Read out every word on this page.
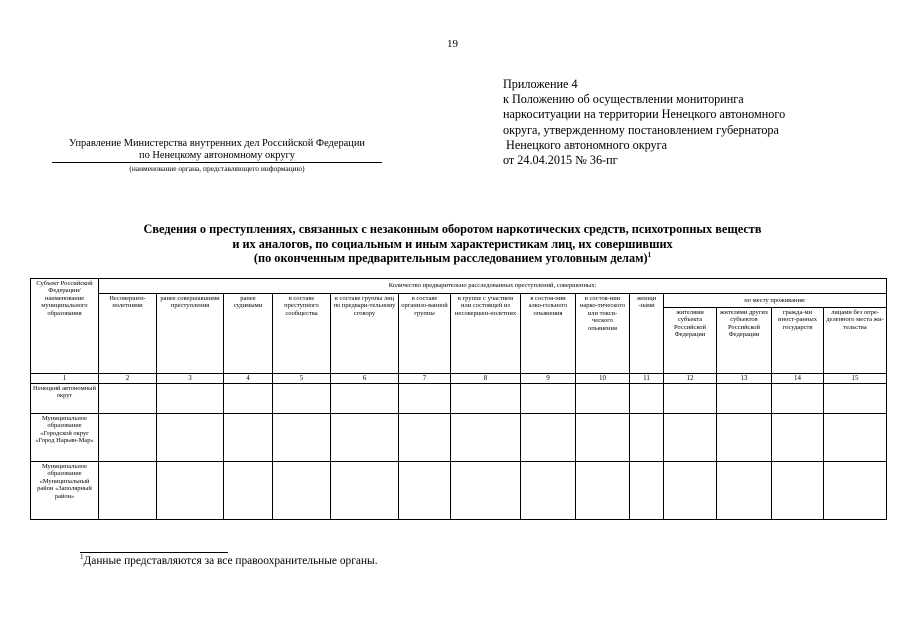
19
Приложение 4
к Положению об осуществлении мониторинга
наркоситуации на территории Ненецкого автономного
округа, утвержденному постановлением губернатора
Ненецкого автономного округа
от 24.04.2015 № 36-пг
Управление Министерства внутренних дел Российской Федерации
по Ненецкому автономному округу
(наименование органа, представляющего информацию)
Сведения о преступлениях, связанных с незаконным оборотом наркотических средств, психотропных веществ
и их аналогов, по социальным и иным характеристикам лиц, их совершивших
(по оконченным предварительным расследованием уголовным делам)$^1$
Субъект Российской Федерации/ наименование муниципального образования	Количество предварительно расследованных преступлений, совершенных:													
	Несовершен-нолетними	ранее совершавшими преступления	ранее судимыми	в составе преступного сообщества	в составе группы лиц по предвари-тельному сговору	в составе организо-ванной группы	в группе с участием или состоящей из несовершен-нолетних	в состоя-нии алко-гольного опьянения	в состоя-нии нарко-тического или токси-ческого опьянения	женщи -нами	по месту проживания:			
											жителями субъекта Российской Федерации	жителями других субъектов Российской Федерации	гражда-ми иност-ранных государств	лицами без опре-деленного места жи-тельства
1	2	3	4	5	6	7	8	9	10	11	12	13	14	15
Ненецкий автономный округ														
Муниципальное образование «Городской округ «Город Нарьян-Мар»														
Муниципальное образование «Муниципальный район «Заполярный район»														
$^1$Данные представляются за все правоохранительные органы.
